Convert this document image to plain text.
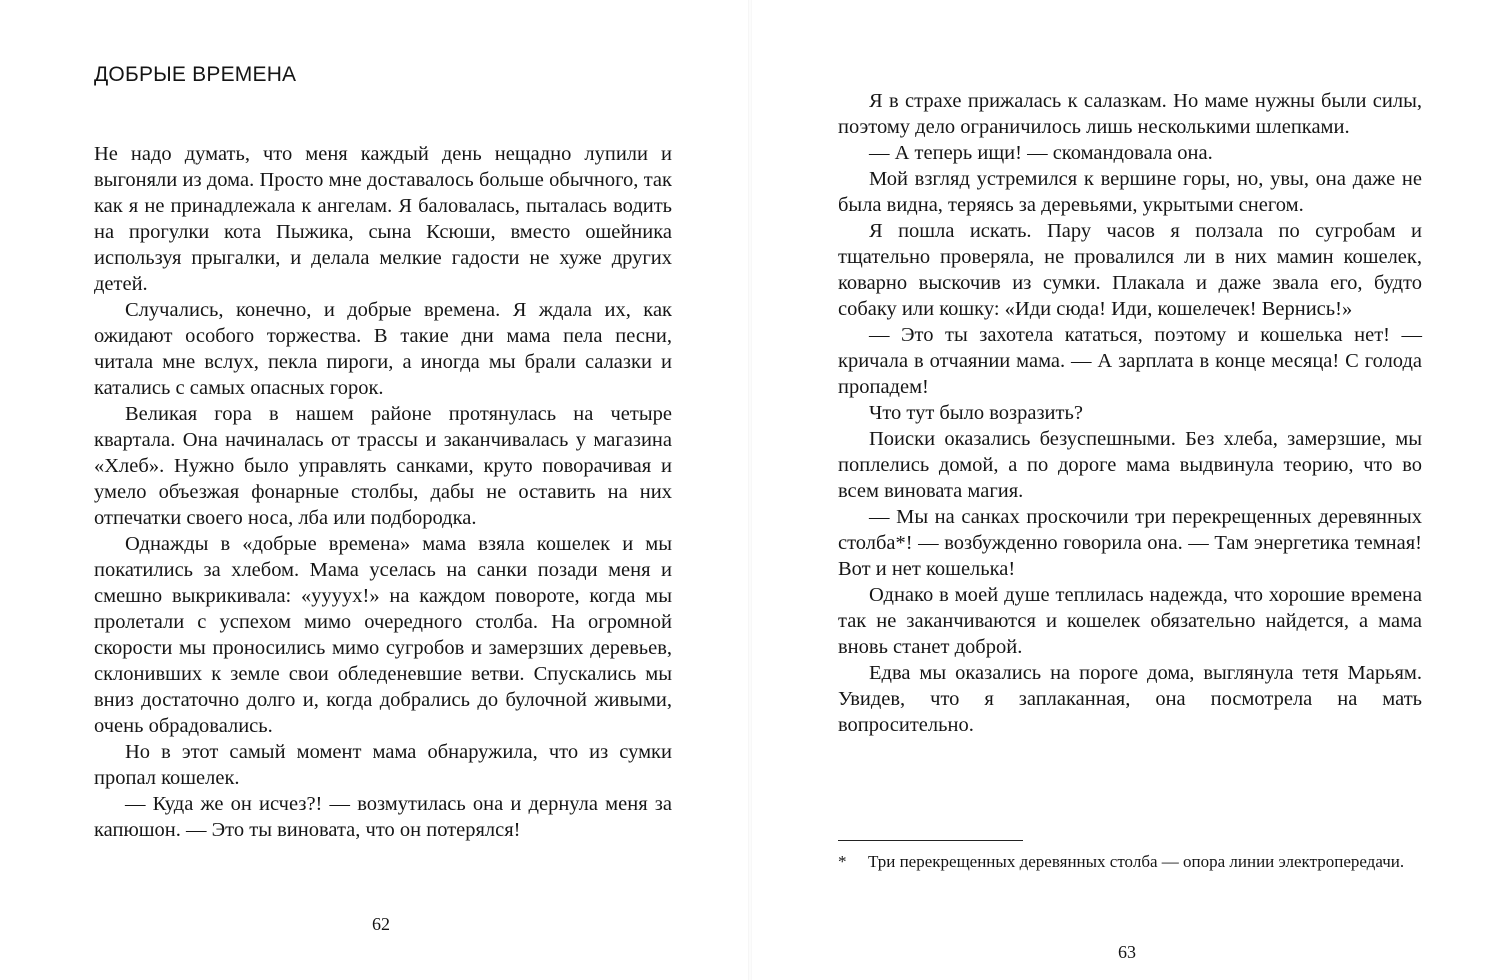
ДОБРЫЕ ВРЕМЕНА

Не надо думать, что меня каждый день нещадно лупили и выгоняли из дома. Просто мне доставалось больше обычного, так как я не принадлежала к ангелам. Я баловалась, пыталась водить на прогулки кота Пыжика, сына Ксюши, вместо ошейника используя прыгалки, и делала мелкие гадости не хуже других детей.

Случались, конечно, и добрые времена. Я ждала их, как ожидают особого торжества. В такие дни мама пела песни, читала мне вслух, пекла пироги, а иногда мы брали салазки и катались с самых опасных горок.

Великая гора в нашем районе протянулась на четыре квартала. Она начиналась от трассы и заканчивалась у магазина «Хлеб». Нужно было управлять санками, круто поворачивая и умело объезжая фонарные столбы, дабы не оставить на них отпечатки своего носа, лба или подбородка.

Однажды в «добрые времена» мама взяла кошелек и мы покатились за хлебом. Мама уселась на санки позади меня и смешно выкрикивала: «уууух!» на каждом повороте, когда мы пролетали с успехом мимо очередного столба. На огромной скорости мы проносились мимо сугробов и замерзших деревьев, склонивших к земле свои обледеневшие ветви. Спускались мы вниз достаточно долго и, когда добрались до булочной живыми, очень обрадовались.

Но в этот самый момент мама обнаружила, что из сумки пропал кошелек.

— Куда же он исчез?! — возмутилась она и дернула меня за капюшон. — Это ты виновата, что он потерялся!

62

Я в страхе прижалась к салазкам. Но маме нужны были силы, поэтому дело ограничилось лишь несколькими шлепками.

— А теперь ищи! — скомандовала она.

Мой взгляд устремился к вершине горы, но, увы, она даже не была видна, теряясь за деревьями, укрытыми снегом.

Я пошла искать. Пару часов я ползала по сугробам и тщательно проверяла, не провалился ли в них мамин кошелек, коварно выскочив из сумки. Плакала и даже звала его, будто собаку или кошку: «Иди сюда! Иди, кошелечек! Вернись!»

— Это ты захотела кататься, поэтому и кошелька нет! — кричала в отчаянии мама. — А зарплата в конце месяца! С голода пропадем!

Что тут было возразить?

Поиски оказались безуспешными. Без хлеба, замерзшие, мы поплелись домой, а по дороге мама выдвинула теорию, что во всем виновата магия.

— Мы на санках проскочили три перекрещенных деревянных столба*! — возбужденно говорила она. — Там энергетика темная! Вот и нет кошелька!

Однако в моей душе теплилась надежда, что хорошие времена так не заканчиваются и кошелек обязательно найдется, а мама вновь станет доброй.

Едва мы оказались на пороге дома, выглянула тетя Марьям. Увидев, что я заплаканная, она посмотрела на мать вопросительно.

* Три перекрещенных деревянных столба — опора линии электропередачи.

63
